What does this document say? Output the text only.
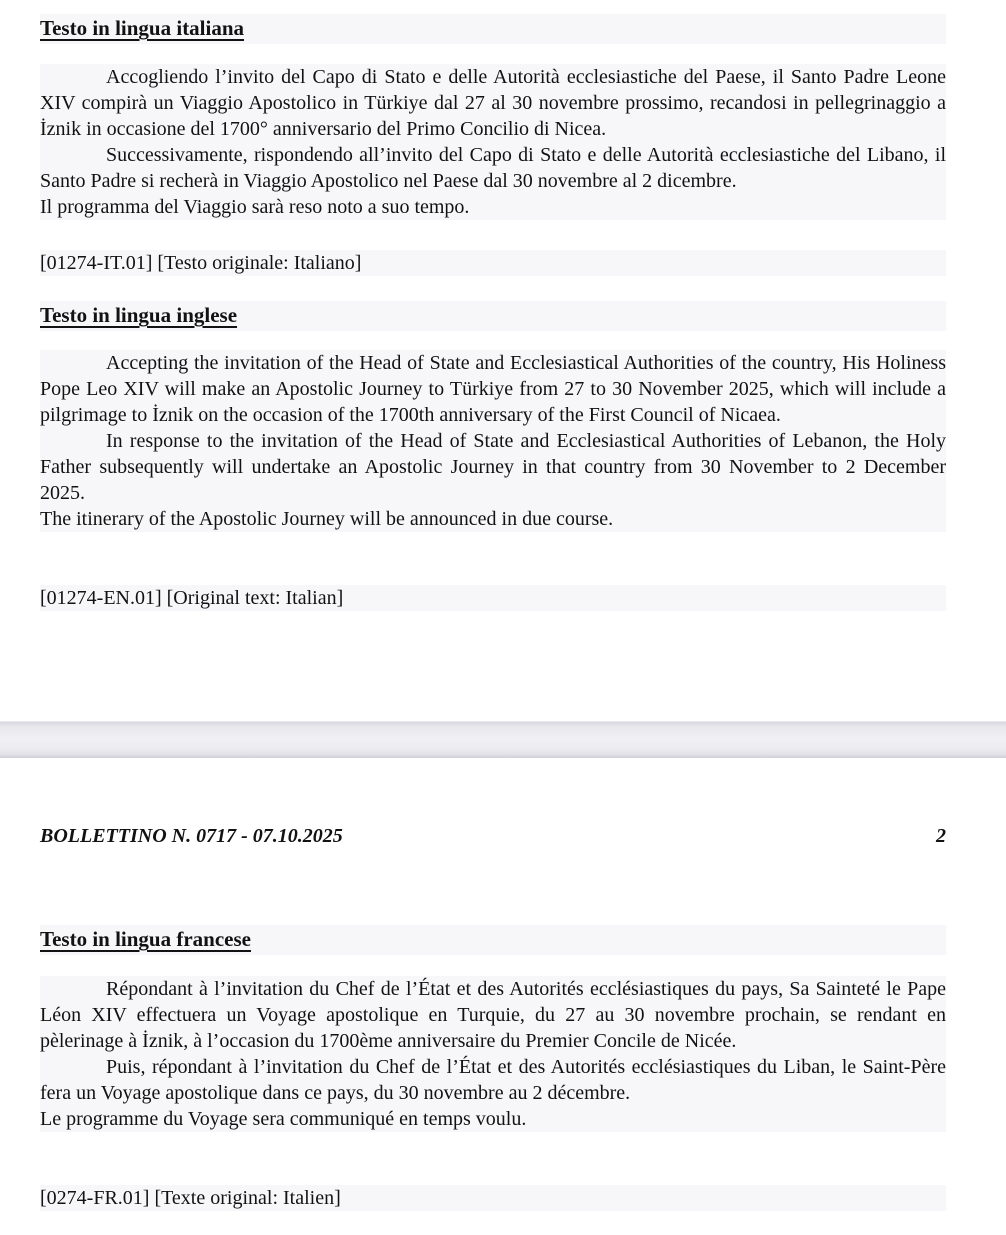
Testo in lingua italiana

Accogliendo l’invito del Capo di Stato e delle Autorità ecclesiastiche del Paese, il Santo Padre Leone XIV compirà un Viaggio Apostolico in Türkiye dal 27 al 30 novembre prossimo, recandosi in pellegrinaggio a İznik in occasione del 1700° anniversario del Primo Concilio di Nicea.

Successivamente, rispondendo all’invito del Capo di Stato e delle Autorità ecclesiastiche del Libano, il Santo Padre si recherà in Viaggio Apostolico nel Paese dal 30 novembre al 2 dicembre.

Il programma del Viaggio sarà reso noto a suo tempo.

[01274-IT.01] [Testo originale: Italiano]
Testo in lingua inglese

Accepting the invitation of the Head of State and Ecclesiastical Authorities of the country, His Holiness Pope Leo XIV will make an Apostolic Journey to Türkiye from 27 to 30 November 2025, which will include a pilgrimage to İznik on the occasion of the 1700th anniversary of the First Council of Nicaea.

In response to the invitation of the Head of State and Ecclesiastical Authorities of Lebanon, the Holy Father subsequently will undertake an Apostolic Journey in that country from 30 November to 2 December 2025.

The itinerary of the Apostolic Journey will be announced in due course.

[01274-EN.01] [Original text: Italian]
BOLLETTINO N. 0717 - 07.10.2025	2
Testo in lingua francese

Répondant à l’invitation du Chef de l’État et des Autorités ecclésiastiques du pays, Sa Sainteté le Pape Léon XIV effectuera un Voyage apostolique en Turquie, du 27 au 30 novembre prochain, se rendant en pèlerinage à İznik, à l’occasion du 1700ème anniversaire du Premier Concile de Nicée.

Puis, répondant à l’invitation du Chef de l’État et des Autorités ecclésiastiques du Liban, le Saint-Père fera un Voyage apostolique dans ce pays, du 30 novembre au 2 décembre.

Le programme du Voyage sera communiqué en temps voulu.

[0274-FR.01] [Texte original: Italien]
